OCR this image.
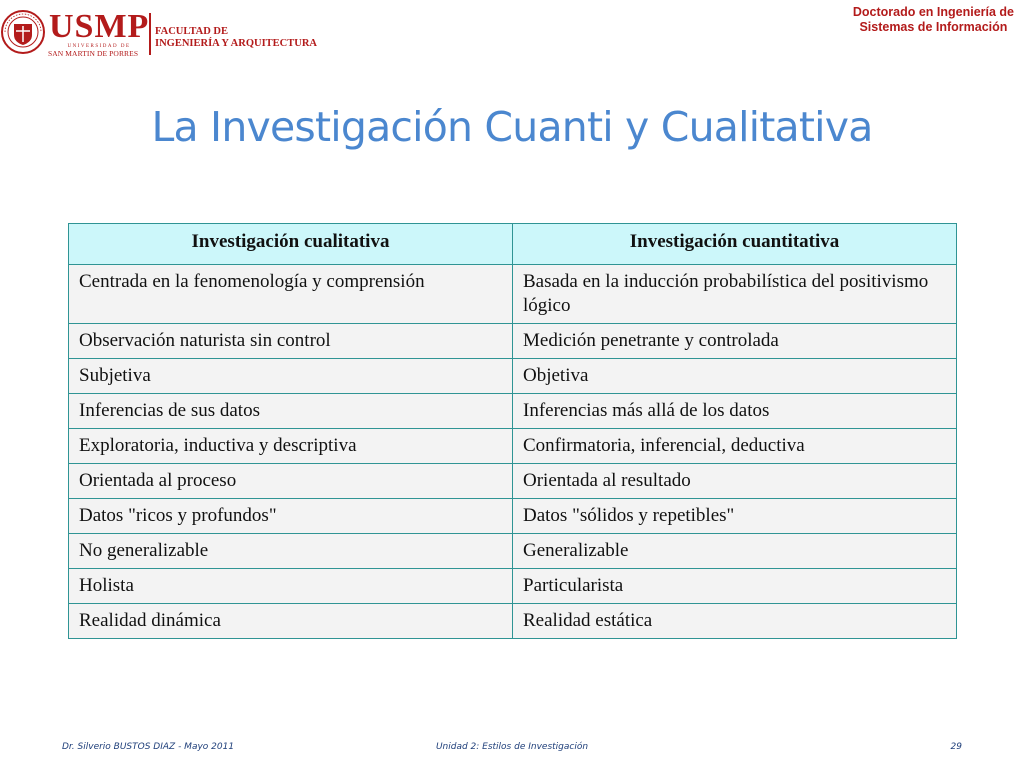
USMP
UNIVERSIDAD DE
SAN MARTIN DE PORRES
FACULTAD DE
INGENIERÍA Y ARQUITECTURA
Doctorado en Ingeniería de
Sistemas de Información
La Investigación Cuanti y Cualitativa
Investigación cualitativa	Investigación cuantitativa
Centrada en la fenomenología y comprensión	Basada en la inducción probabilística del positivismo lógico
Observación naturista sin control	Medición penetrante y controlada
Subjetiva	Objetiva
Inferencias de sus datos	Inferencias más allá de los datos
Exploratoria, inductiva y descriptiva	Confirmatoria, inferencial, deductiva
Orientada al proceso	Orientada al resultado
Datos "ricos y profundos"	Datos "sólidos y repetibles"
No generalizable	Generalizable
Holista	Particularista
Realidad dinámica	Realidad estática
Dr. Silverio BUSTOS DIAZ - Mayo 2011	Unidad 2: Estilos de Investigación	29
